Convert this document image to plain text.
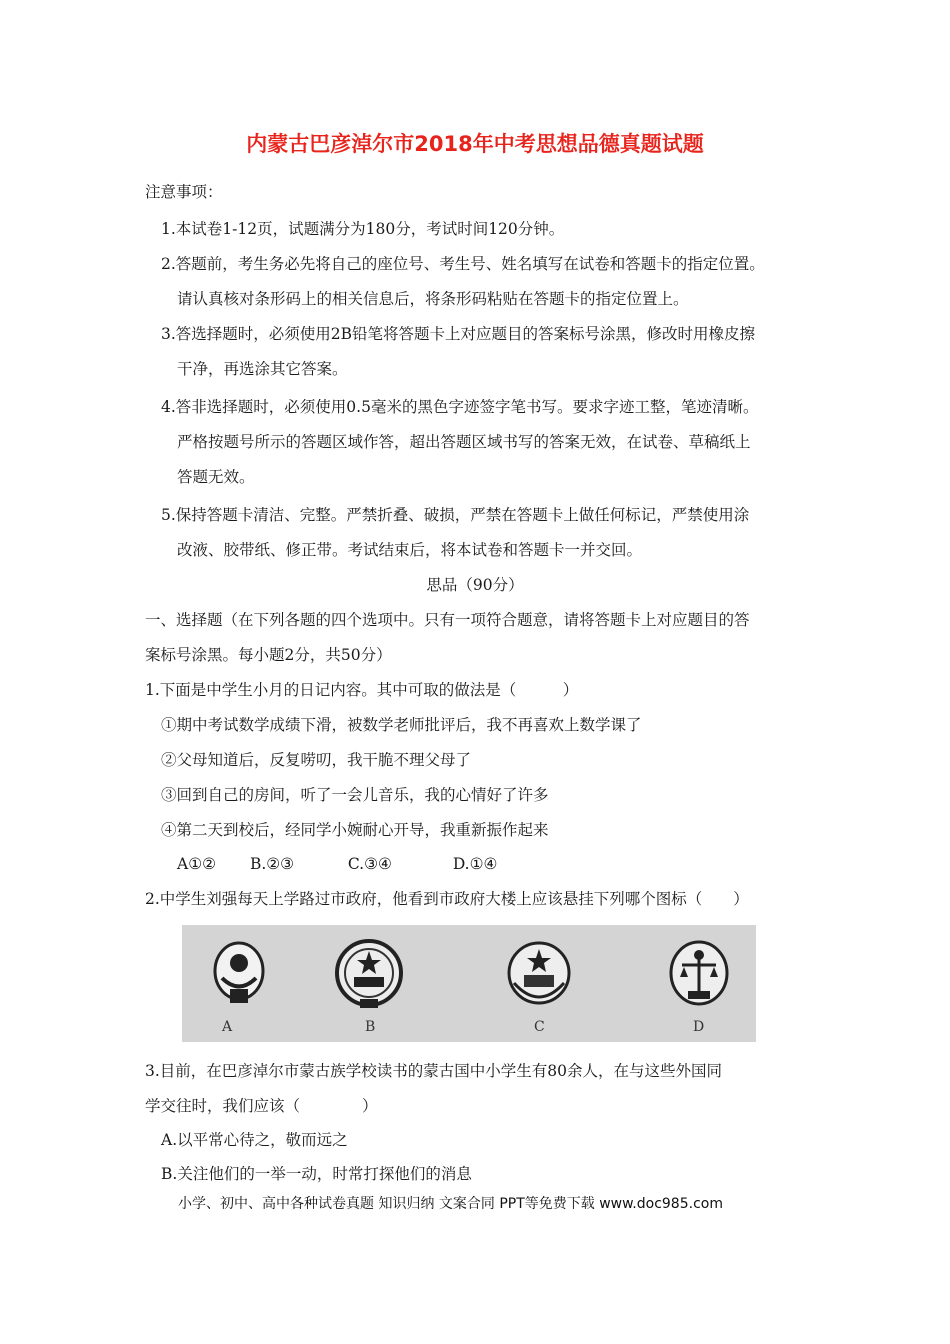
内蒙古巴彦淖尔市2018年中考思想品德真题试题
注意事项：
1.本试卷1-12页，试题满分为180分，考试时间120分钟。
2.答题前，考生务必先将自己的座位号、考生号、姓名填写在试卷和答题卡的指定位置。
请认真核对条形码上的相关信息后，将条形码粘贴在答题卡的指定位置上。
3.答选择题时，必须使用2B铅笔将答题卡上对应题目的答案标号涂黑，修改时用橡皮擦
干净，再选涂其它答案。
4.答非选择题时，必须使用0.5毫米的黑色字迹签字笔书写。要求字迹工整，笔迹清晰。
严格按题号所示的答题区域作答，超出答题区域书写的答案无效，在试卷、草稿纸上
答题无效。
5.保持答题卡清洁、完整。严禁折叠、破损，严禁在答题卡上做任何标记，严禁使用涂
改液、胶带纸、修正带。考试结束后，将本试卷和答题卡一并交回。
思品（90分）
一、选择题（在下列各题的四个选项中。只有一项符合题意，请将答题卡上对应题目的答
案标号涂黑。每小题2分，共50分）
1.下面是中学生小月的日记内容。其中可取的做法是（　　　）
①期中考试数学成绩下滑，被数学老师批评后，我不再喜欢上数学课了
②父母知道后，反复唠叨，我干脆不理父母了
③回到自己的房间，听了一会儿音乐，我的心情好了许多
④第二天到校后，经同学小婉耐心开导，我重新振作起来
A①② B.②③	C.③④	D.①④
2.中学生刘强每天上学路过市政府，他看到市政府大楼上应该悬挂下列哪个图标（　　）
A	B	C	D
3.目前，在巴彦淖尔市蒙古族学校读书的蒙古国中小学生有80余人，在与这些外国同
学交往时，我们应该（　　　　）
A.以平常心待之，敬而远之
B.关注他们的一举一动，时常打探他们的消息
小学、初中、高中各种试卷真题 知识归纳 文案合同 PPT等免费下载 www.doc985.com
